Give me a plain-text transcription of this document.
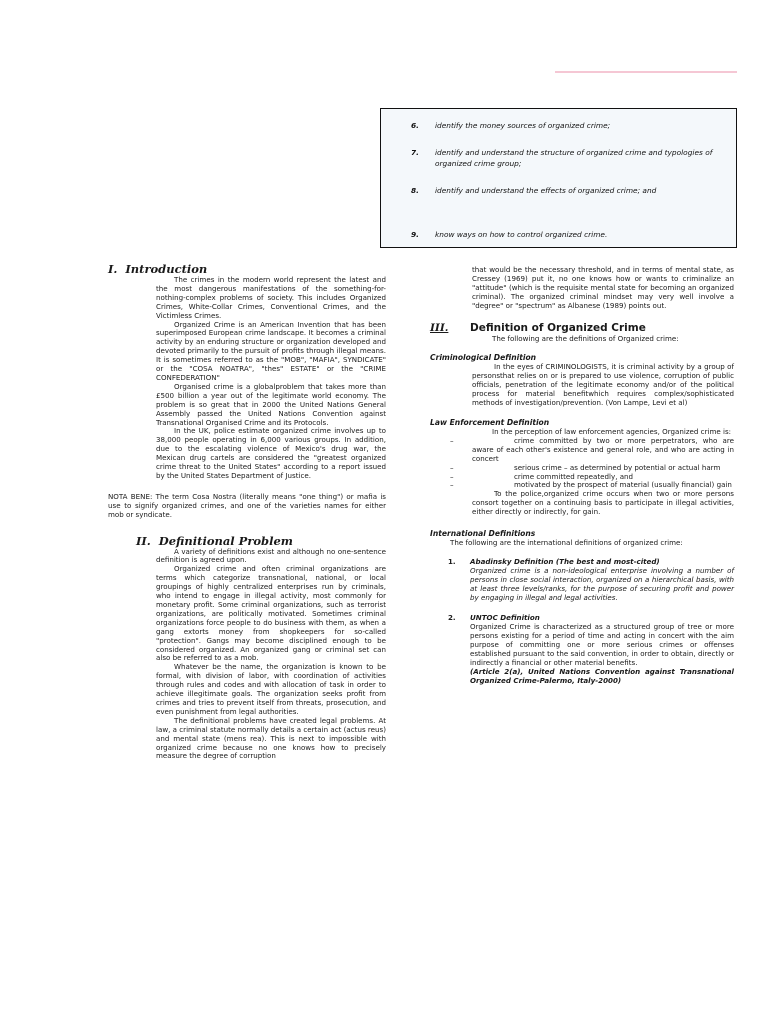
6.	identify the money sources of organized crime;
7.	identify and understand the structure of organized crime and typologies of organized crime group;
8.	identify and understand the effects of organized crime; and
9.	know ways on how to control organized crime.
I. Introduction

The crimes in the modern world represent the latest and the most dangerous manifestations of the something-for-nothing-complex problems of society. This includes Organized Crimes, White-Collar Crimes, Conventional Crimes, and the Victimless Crimes.

Organized Crime is an American Invention that has been superimposed European crime landscape. It becomes a criminal activity by an enduring structure or organization developed and devoted primarily to the pursuit of profits through illegal means. It is sometimes referred to as the "MOB", "MAFIA", SYNDICATE" or the "COSA NOATRA", "thes" ESTATE" or the "CRIME CONFEDERATION"

Organised crime is a globalproblem that takes more than £500 billion a year out of the legitimate world economy. The problem is so great that in 2000 the United Nations General Assembly passed the United Nations Convention against Transnational Organised Crime and its Protocols.

In the UK, police estimate organized crime involves up to 38,000 people operating in 6,000 various groups. In addition, due to the escalating violence of Mexico's drug war, the Mexican drug cartels are considered the "greatest organized crime threat to the United States" according to a report issued by the United States Department of Justice.

NOTA BENE: The term Cosa Nostra (literally means "one thing") or mafia is use to signify organized crimes, and one of the varieties names for either mob or syndicate.

II. Definitional Problem

A variety of definitions exist and although no one-sentence definition is agreed upon.

Organized crime and often criminal organizations are terms which categorize transnational, national, or local groupings of highly centralized enterprises run by criminals, who intend to engage in illegal activity, most commonly for monetary profit. Some criminal organizations, such as terrorist organizations, are politically motivated. Sometimes criminal organizations force people to do business with them, as when a gang extorts money from shopkeepers for so-called "protection". Gangs may become disciplined enough to be considered organized. An organized gang or criminal set can also be referred to as a mob.

Whatever be the name, the organization is known to be formal, with division of labor, with coordination of activities through rules and codes and with allocation of task in order to achieve illegitimate goals. The organization seeks profit from crimes and tries to prevent itself from threats, prosecution, and even punishment from legal authorities.

The definitional problems have created legal problems. At law, a criminal statute normally details a certain act (actus reus) and mental state (mens rea). This is next to impossible with organized crime because no one knows how to precisely measure the degree of corruption

that would be the necessary threshold, and in terms of mental state, as Cressey (1969) put it, no one knows how or wants to criminalize an "attitude" (which is the requisite mental state for becoming an organized criminal). The organized criminal mindset may very well involve a "degree" or "spectrum" as Albanese (1989) points out.

III. Definition of Organized Crime

The following are the definitions of Organized crime:

Criminological Definition

In the eyes of CRIMINOLOGISTS, it is criminal activity by a group of personsthat relies on or is prepared to use violence, corruption of public officials, penetration of the legitimate economy and/or of the political process for material benefitwhich requires complex/sophisticated methods of investigation/prevention. (Von Lampe, Levi et al)

Law Enforcement Definition

In the perception of law enforcement agencies, Organized crime is:

–	crime committed by two or more perpetrators, who are aware of each other's existence and general role, and who are acting in concert

–	serious crime – as determined by potential or actual harm

–	crime committed repeatedly, and

–	motivated by the prospect of material (usually financial) gain

To the police,organized crime occurs when two or more persons consort together on a continuing basis to participate in illegal activities, either directly or indirectly, for gain.

International Definitions

The following are the international definitions of organized crime:

1. Abadinsky Definition (The best and most-cited)

Organized crime is a non-ideological enterprise involving a number of persons in close social interaction, organized on a hierarchical basis, with at least three levels/ranks, for the purpose of securing profit and power by engaging in illegal and legal activities.

2. UNTOC Definition

Organized Crime is characterized as a structured group of tree or more persons existing for a period of time and acting in concert with the aim purpose of committing one or more serious crimes or offenses established pursuant to the said convention, in order to obtain, directly or indirectly a financial or other material benefits.

(Article 2(a), United Nations Convention against Transnational Organized Crime-Palermo, Italy-2000)
